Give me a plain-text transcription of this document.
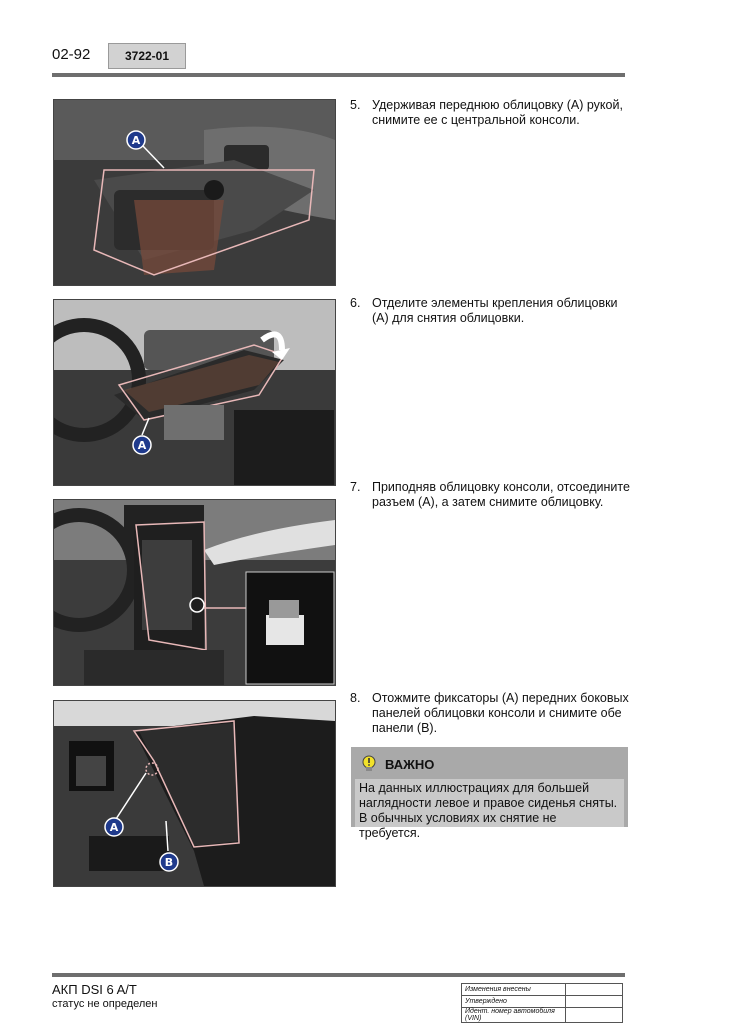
02-92	3722-01
A
A
A
B
5. Удерживая переднюю облицовку (A) рукой, снимите ее с центральной консоли.
6. Отделите элементы крепления облицовки (A) для снятия облицовки.
7. Приподняв облицовку консоли, отсоедините разъем (A), а затем снимите облицовку.
8. Отожмите фиксаторы (A) передних боковых панелей облицовки консоли и снимите обе панели (B).
ВАЖНО
На данных иллюстрациях для большей наглядности левое и правое сиденья сняты. В обычных условиях их снятие не требуется.
АКП DSI 6 A/T
статус не определен
Изменения внесены	
Утверждено	
Идент. номер автомобиля (VIN)	
